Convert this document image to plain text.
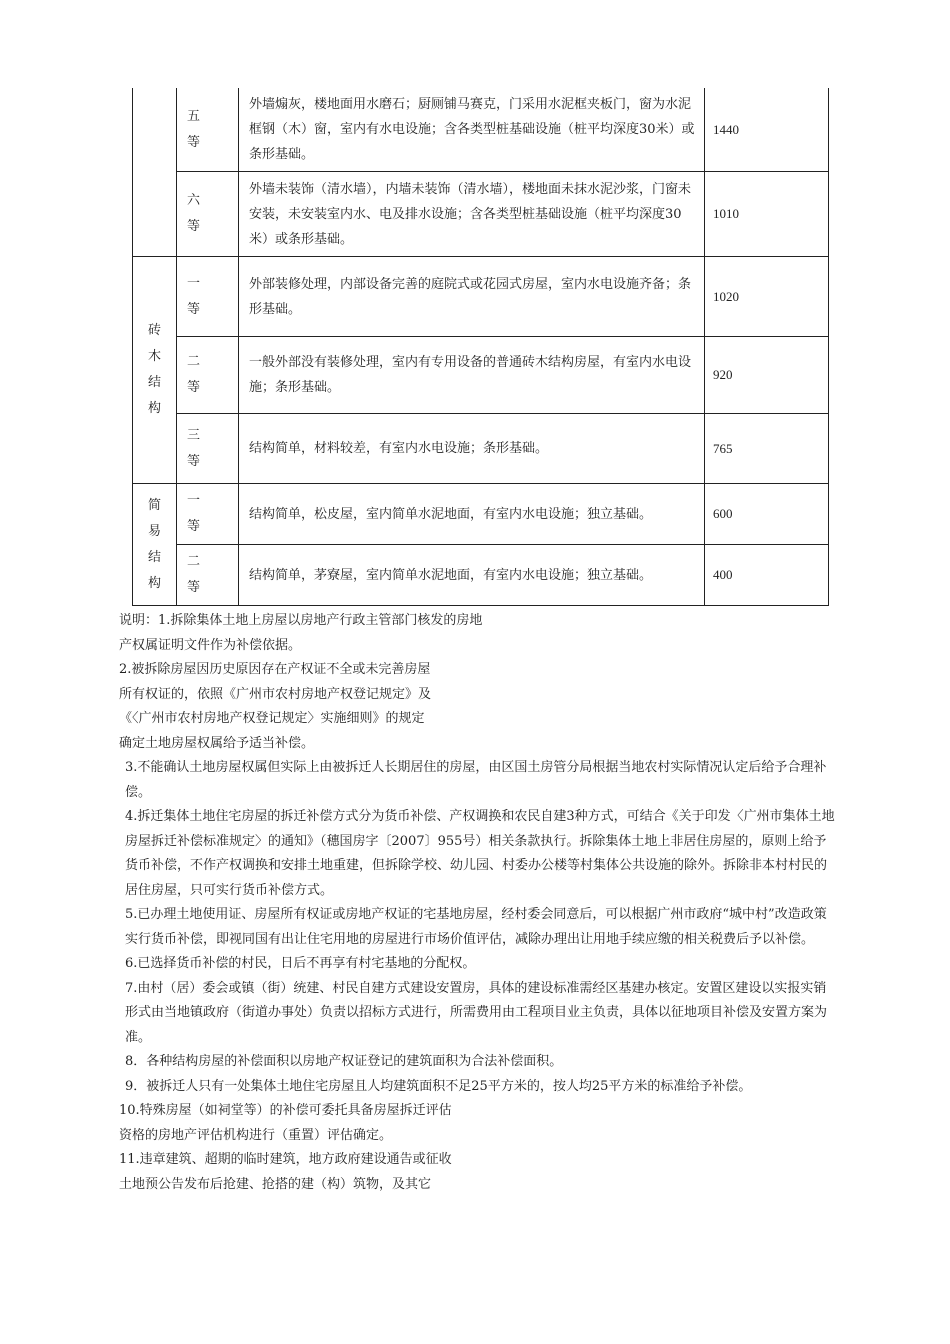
	五
等	外墙煽灰，楼地面用水磨石；厨厕铺马赛克，门采用水泥框夹板门，窗为水泥框钢（木）窗，室内有水电设施；含各类型桩基础设施（桩平均深度30米）或条形基础。	1440

	六
等	外墙未装饰（清水墙），内墙未装饰（清水墙），楼地面未抹水泥沙浆，门窗未安装，未安装室内水、电及排水设施；含各类型桩基础设施（桩平均深度30米）或条形基础。	1010

砖
木
结
构	一
等	外部装修处理，内部设备完善的庭院式或花园式房屋，室内水电设施齐备；条形基础。	1020

	二
等	一般外部没有装修处理，室内有专用设备的普通砖木结构房屋，有室内水电设施；条形基础。	920

	三
等	结构简单，材料较差，有室内水电设施；条形基础。	765

简
易
结
构	一
等	结构简单，松皮屋，室内简单水泥地面，有室内水电设施；独立基础。	600

	二
等	结构简单，茅寮屋，室内简单水泥地面，有室内水电设施；独立基础。	400

说明：1.拆除集体土地上房屋以房地产行政主管部门核发的房地

产权属证明文件作为补偿依据。

2.被拆除房屋因历史原因存在产权证不全或未完善房屋

所有权证的，依照《广州市农村房地产权登记规定》及

《〈广州市农村房地产权登记规定〉实施细则》的规定

确定土地房屋权属给予适当补偿。

3.不能确认土地房屋权属但实际上由被拆迁人长期居住的房屋，由区国土房管分局根据当地农村实际情况认定后给予合理补偿。

4.拆迁集体土地住宅房屋的拆迁补偿方式分为货币补偿、产权调换和农民自建3种方式，可结合《关于印发〈广州市集体土地房屋拆迁补偿标准规定〉的通知》（穗国房字〔2007〕955号）相关条款执行。拆除集体土地上非居住房屋的，原则上给予货币补偿，不作产权调换和安排土地重建，但拆除学校、幼儿园、村委办公楼等村集体公共设施的除外。拆除非本村村民的居住房屋，只可实行货币补偿方式。

5.已办理土地使用证、房屋所有权证或房地产权证的宅基地房屋，经村委会同意后，可以根据广州市政府“城中村”改造政策实行货币补偿，即视同国有出让住宅用地的房屋进行市场价值评估，减除办理出让用地手续应缴的相关税费后予以补偿。

6.已选择货币补偿的村民，日后不再享有村宅基地的分配权。

7.由村（居）委会或镇（街）统建、村民自建方式建设安置房，具体的建设标准需经区基建办核定。安置区建设以实报实销形式由当地镇政府（街道办事处）负责以招标方式进行，所需费用由工程项目业主负责，具体以征地项目补偿及安置方案为准。

8．各种结构房屋的补偿面积以房地产权证登记的建筑面积为合法补偿面积。

9．被拆迁人只有一处集体土地住宅房屋且人均建筑面积不足25平方米的，按人均25平方米的标准给予补偿。

10.特殊房屋（如祠堂等）的补偿可委托具备房屋拆迁评估

资格的房地产评估机构进行（重置）评估确定。

11.违章建筑、超期的临时建筑，地方政府建设通告或征收

土地预公告发布后抢建、抢搭的建（构）筑物，及其它
